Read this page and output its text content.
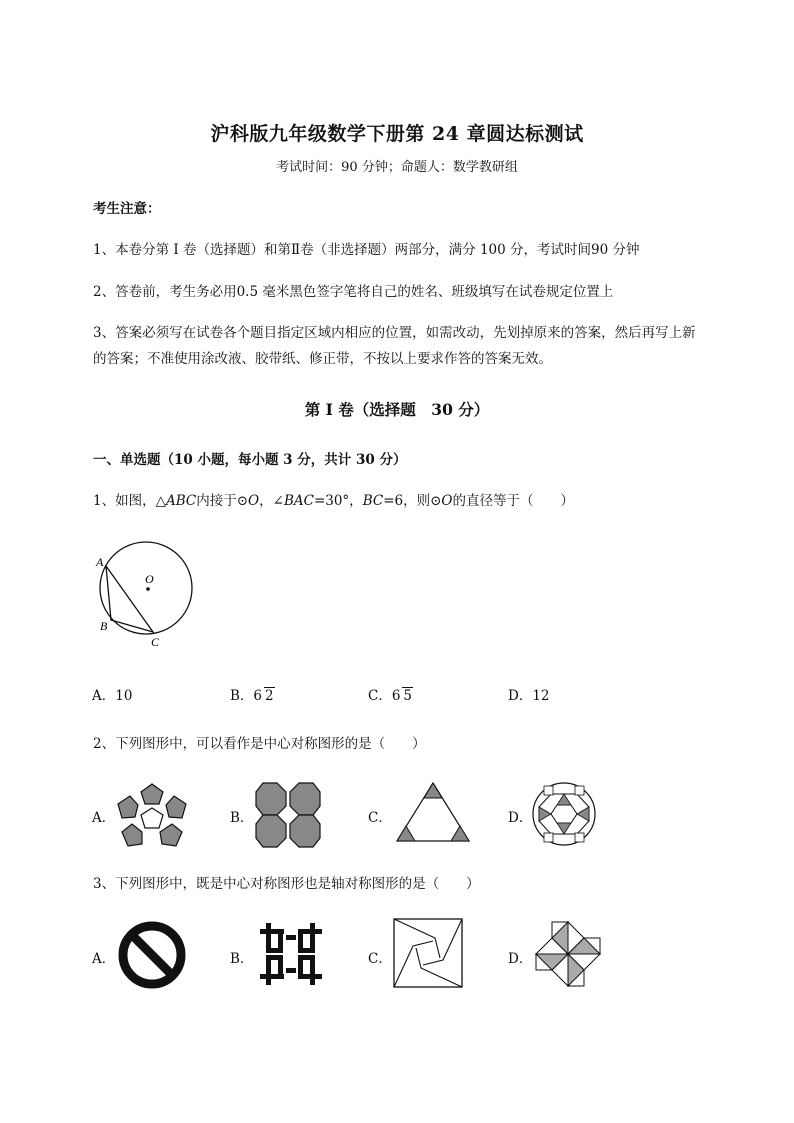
沪科版九年级数学下册第 24 章圆达标测试
考试时间：90 分钟；命题人：数学教研组
考生注意：
1、本卷分第 I 卷（选择题）和第Ⅱ卷（非选择题）两部分，满分 100 分，考试时间90 分钟
2、答卷前，考生务必用0.5 毫米黑色签字笔将自己的姓名、班级填写在试卷规定位置上
3、答案必须写在试卷各个题目指定区域内相应的位置，如需改动，先划掉原来的答案，然后再写上新
的答案；不准使用涂改液、胶带纸、修正带，不按以上要求作答的答案无效。
第 I 卷（选择题　30 分）
一、单选题（10 小题，每小题 3 分，共计 30 分）
1、如图，△ABC内接于⊙O，∠BAC=30°，BC=6，则⊙O的直径等于（　　）
O
A
B
C
A．10	B．6 2	C．6 5	D．12
2、下列图形中，可以看作是中心对称图形的是（　　）
A．	B．	C．	D．
3、下列图形中，既是中心对称图形也是轴对称图形的是（　　）
A．	B．	C．	D．
